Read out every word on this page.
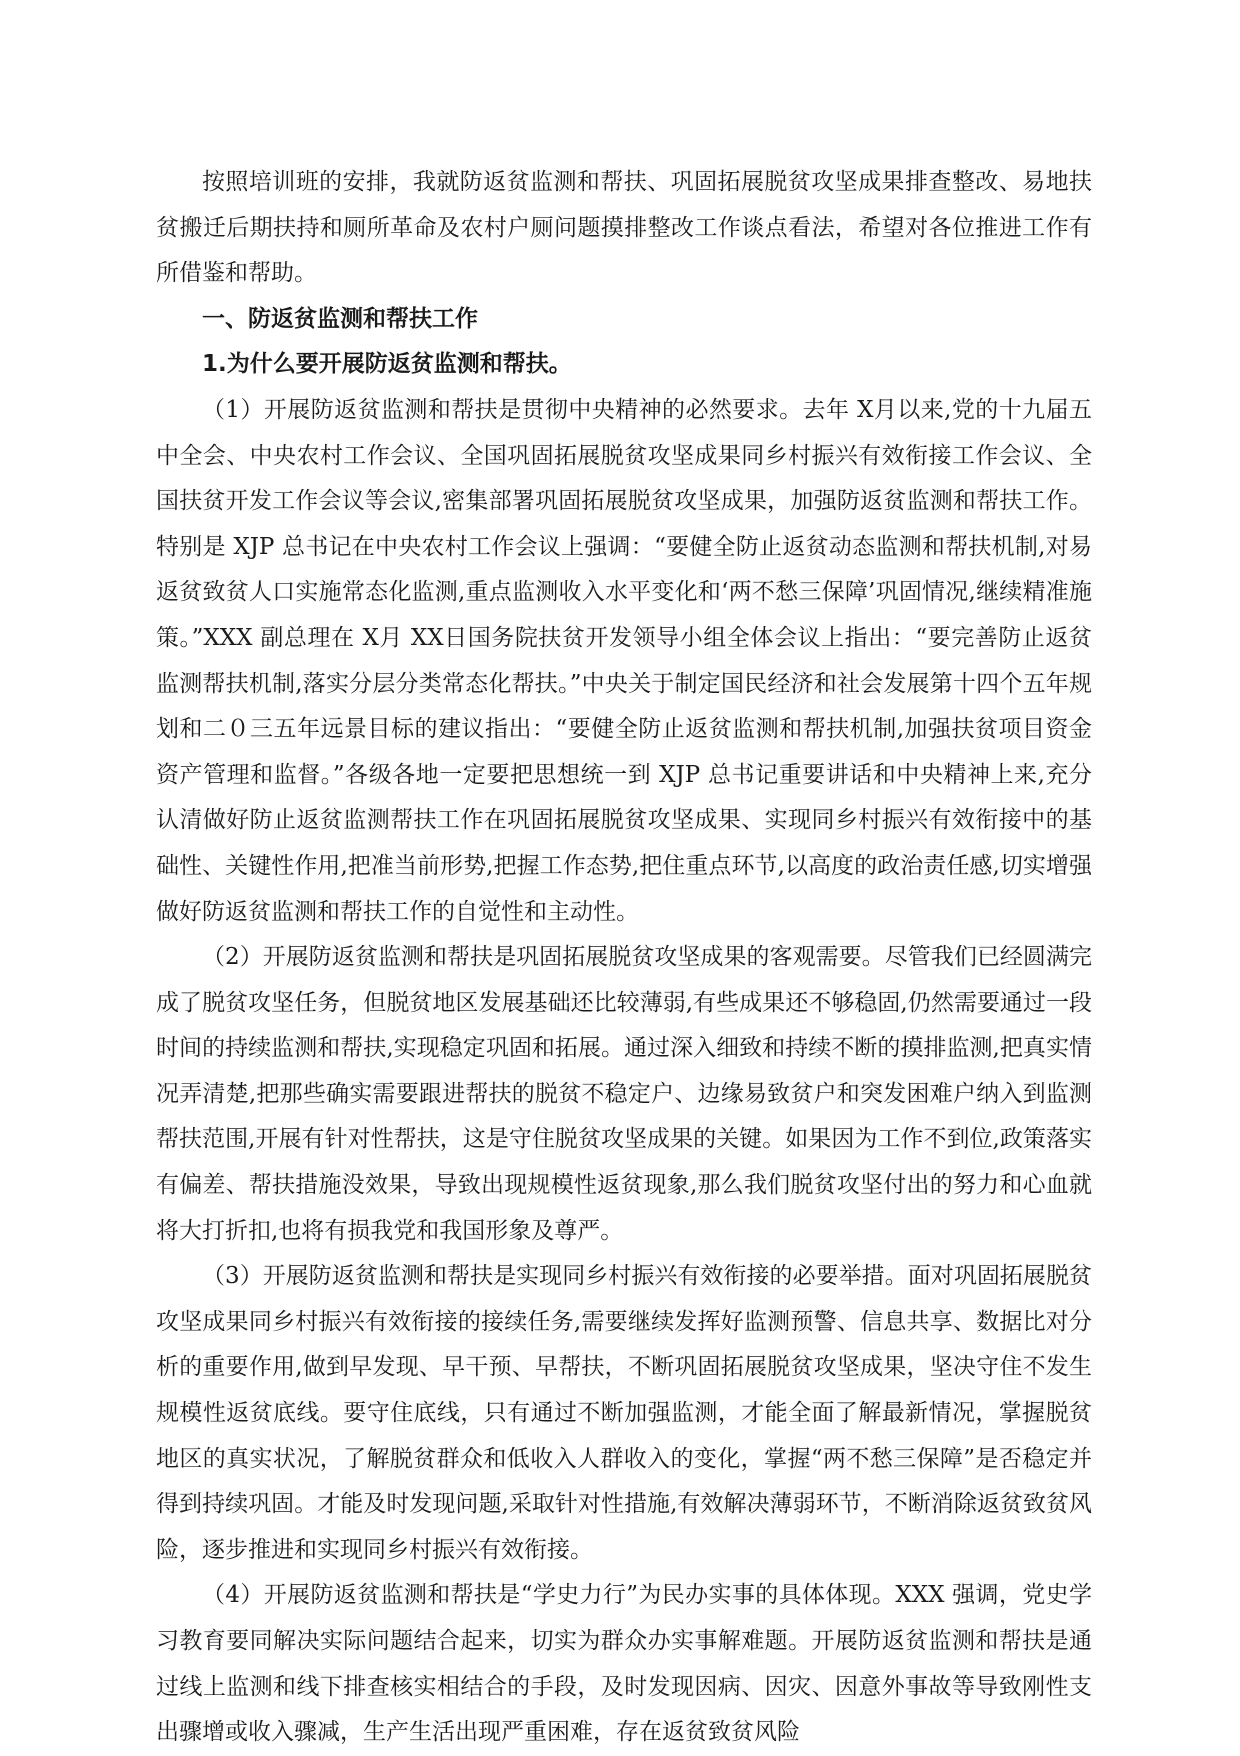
按照培训班的安排，我就防返贫监测和帮扶、巩固拓展脱贫攻坚成果排查整改、易地扶贫搬迁后期扶持和厕所革命及农村户厕问题摸排整改工作谈点看法，希望对各位推进工作有所借鉴和帮助。

一、防返贫监测和帮扶工作

1.为什么要开展防返贫监测和帮扶。

（1）开展防返贫监测和帮扶是贯彻中央精神的必然要求。去年 X月以来,党的十九届五中全会、中央农村工作会议、全国巩固拓展脱贫攻坚成果同乡村振兴有效衔接工作会议、全国扶贫开发工作会议等会议,密集部署巩固拓展脱贫攻坚成果，加强防返贫监测和帮扶工作。特别是 XJP 总书记在中央农村工作会议上强调：“要健全防止返贫动态监测和帮扶机制,对易返贫致贫人口实施常态化监测,重点监测收入水平变化和‘两不愁三保障’巩固情况,继续精准施策。”XXX 副总理在 X月 XX日国务院扶贫开发领导小组全体会议上指出：“要完善防止返贫监测帮扶机制,落实分层分类常态化帮扶。”中央关于制定国民经济和社会发展第十四个五年规划和二０三五年远景目标的建议指出：“要健全防止返贫监测和帮扶机制,加强扶贫项目资金资产管理和监督。”各级各地一定要把思想统一到 XJP 总书记重要讲话和中央精神上来,充分认清做好防止返贫监测帮扶工作在巩固拓展脱贫攻坚成果、实现同乡村振兴有效衔接中的基础性、关键性作用,把准当前形势,把握工作态势,把住重点环节,以高度的政治责任感,切实增强做好防返贫监测和帮扶工作的自觉性和主动性。

（2）开展防返贫监测和帮扶是巩固拓展脱贫攻坚成果的客观需要。尽管我们已经圆满完成了脱贫攻坚任务，但脱贫地区发展基础还比较薄弱,有些成果还不够稳固,仍然需要通过一段时间的持续监测和帮扶,实现稳定巩固和拓展。通过深入细致和持续不断的摸排监测,把真实情况弄清楚,把那些确实需要跟进帮扶的脱贫不稳定户、边缘易致贫户和突发困难户纳入到监测帮扶范围,开展有针对性帮扶，这是守住脱贫攻坚成果的关键。如果因为工作不到位,政策落实有偏差、帮扶措施没效果，导致出现规模性返贫现象,那么我们脱贫攻坚付出的努力和心血就将大打折扣,也将有损我党和我国形象及尊严。

（3）开展防返贫监测和帮扶是实现同乡村振兴有效衔接的必要举措。面对巩固拓展脱贫攻坚成果同乡村振兴有效衔接的接续任务,需要继续发挥好监测预警、信息共享、数据比对分析的重要作用,做到早发现、早干预、早帮扶，不断巩固拓展脱贫攻坚成果，坚决守住不发生规模性返贫底线。要守住底线，只有通过不断加强监测，才能全面了解最新情况，掌握脱贫地区的真实状况，了解脱贫群众和低收入人群收入的变化，掌握“两不愁三保障”是否稳定并得到持续巩固。才能及时发现问题,采取针对性措施,有效解决薄弱环节，不断消除返贫致贫风险，逐步推进和实现同乡村振兴有效衔接。

（4）开展防返贫监测和帮扶是“学史力行”为民办实事的具体体现。XXX 强调，党史学习教育要同解决实际问题结合起来，切实为群众办实事解难题。开展防返贫监测和帮扶是通过线上监测和线下排查核实相结合的手段，及时发现因病、因灾、因意外事故等导致刚性支出骤增或收入骤减，生产生活出现严重困难，存在返贫致贫风险
